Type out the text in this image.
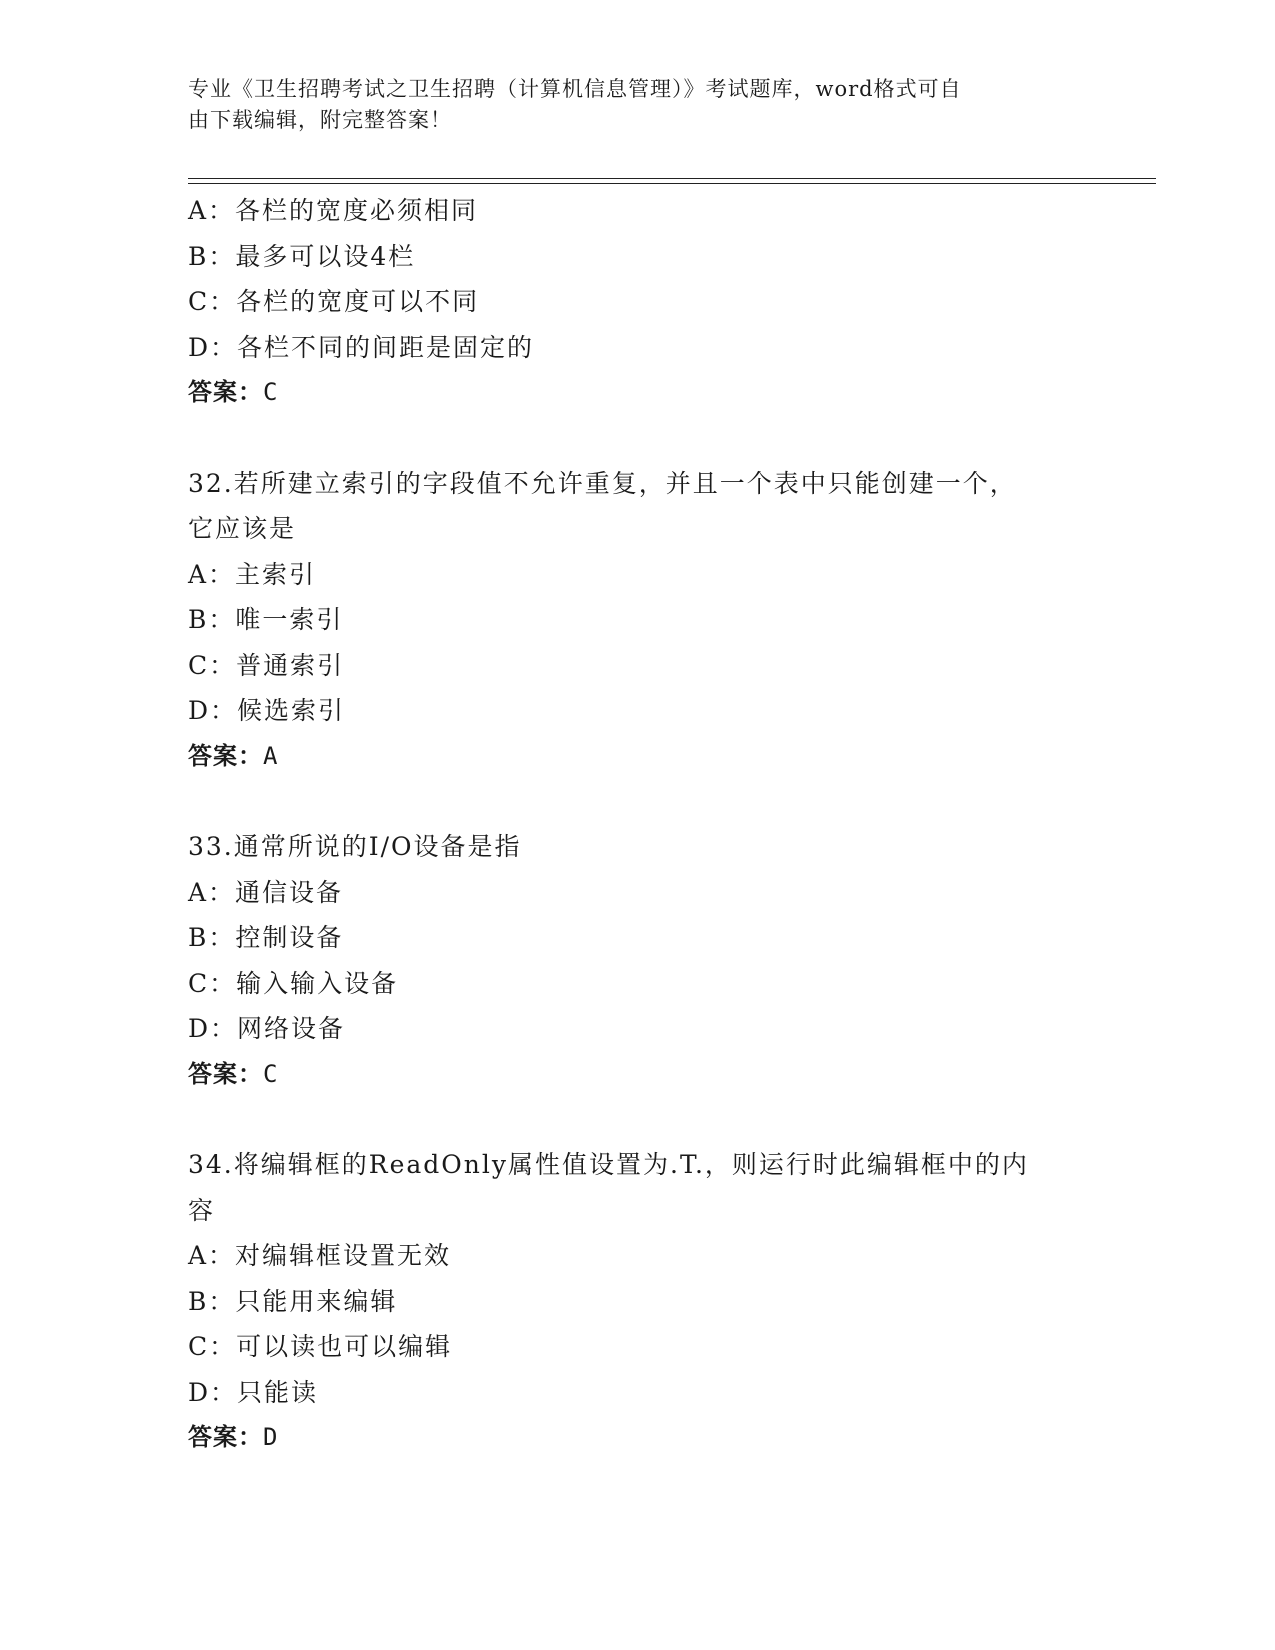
专业《卫生招聘考试之卫生招聘（计算机信息管理）》考试题库，word格式可自
由下载编辑，附完整答案！
A：各栏的宽度必须相同
B：最多可以设4栏
C：各栏的宽度可以不同
D：各栏不同的间距是固定的
答案：C
32.若所建立索引的字段值不允许重复，并且一个表中只能创建一个，
它应该是
A：主索引
B：唯一索引
C：普通索引
D：候选索引
答案：A
33.通常所说的I/O设备是指
A：通信设备
B：控制设备
C：输入输入设备
D：网络设备
答案：C
34.将编辑框的ReadOnly属性值设置为.T.，则运行时此编辑框中的内
容
A：对编辑框设置无效
B：只能用来编辑
C：可以读也可以编辑
D：只能读
答案：D
